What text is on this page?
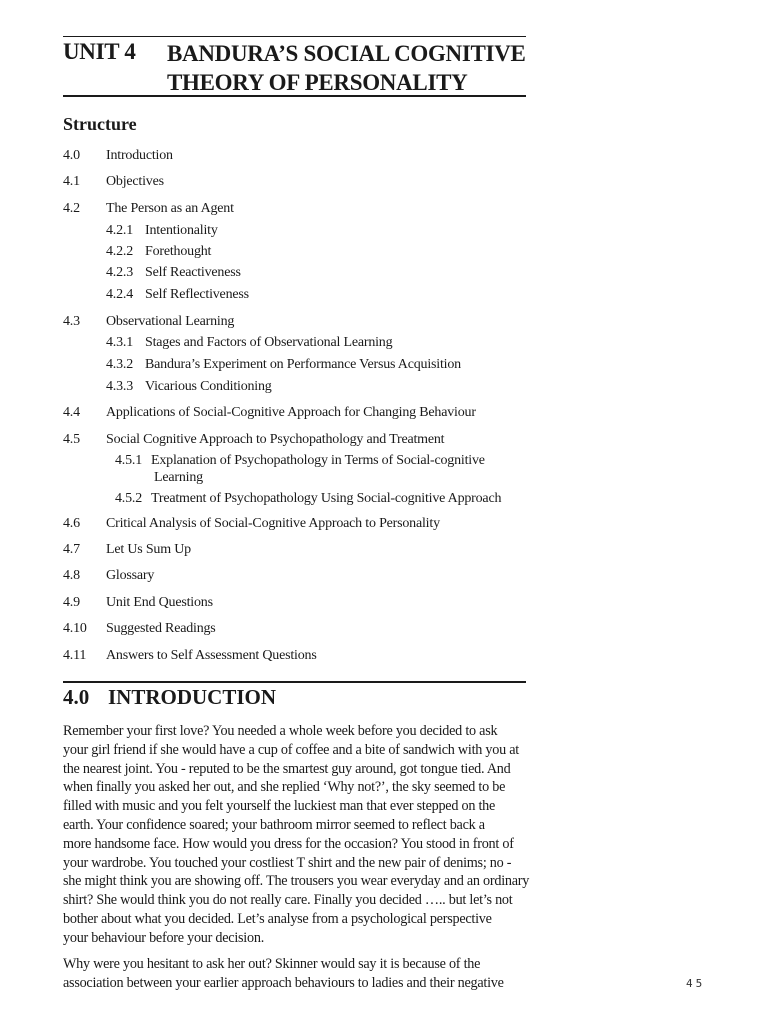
UNIT 4 BANDURA’S SOCIAL COGNITIVE
THEORY OF PERSONALITY
Structure
4.0 Introduction
4.1 Objectives
4.2 The Person as an Agent
4.2.1 Intentionality
4.2.2 Forethought
4.2.3 Self Reactiveness
4.2.4 Self Reflectiveness
4.3 Observational Learning
4.3.1 Stages and Factors of Observational Learning
4.3.2 Bandura’s Experiment on Performance Versus Acquisition
4.3.3 Vicarious Conditioning
4.4 Applications of Social-Cognitive Approach for Changing Behaviour
4.5 Social Cognitive Approach to Psychopathology and Treatment
4.5.1 Explanation of Psychopathology in Terms of Social-cognitive
Learning
4.5.2 Treatment of Psychopathology Using Social-cognitive Approach
4.6 Critical Analysis of Social-Cognitive Approach to Personality
4.7 Let Us Sum Up
4.8 Glossary
4.9 Unit End Questions
4.10 Suggested Readings
4.11 Answers to Self Assessment Questions
4.0 INTRODUCTION
Remember your first love? You needed a whole week before you decided to ask
your girl friend if she would have a cup of coffee and a bite of sandwich with you at
the nearest joint. You - reputed to be the smartest guy around, got tongue tied. And
when finally you asked her out, and she replied ‘Why not?’, the sky seemed to be
filled with music and you felt yourself the luckiest man that ever stepped on the
earth. Your confidence soared; your bathroom mirror seemed to reflect back a
more handsome face. How would you dress for the occasion? You stood in front of
your wardrobe. You touched your costliest T shirt and the new pair of denims; no -
she might think you are showing off. The trousers you wear everyday and an ordinary
shirt? She would think you do not really care. Finally you decided ….. but let’s not
bother about what you decided. Let’s analyse from a psychological perspective
your behaviour before your decision.
Why were you hesitant to ask her out? Skinner would say it is because of the
association between your earlier approach behaviours to ladies and their negative	45
